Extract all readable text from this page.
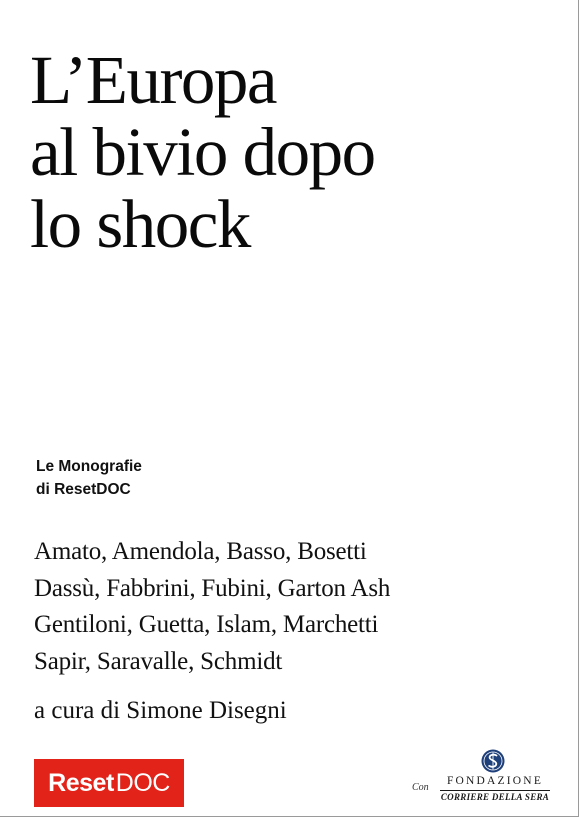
L’Europa
al bivio dopo
lo shock
Le Monografie
di ResetDOC
Amato, Amendola, Basso, Bosetti
Dassù, Fabbrini, Fubini, Garton Ash
Gentiloni, Guetta, Islam, Marchetti
Sapir, Saravalle, Schmidt
a cura di Simone Disegni
Reset DOC	Con
FONDAZIONE
CORRIERE DELLA SERA
